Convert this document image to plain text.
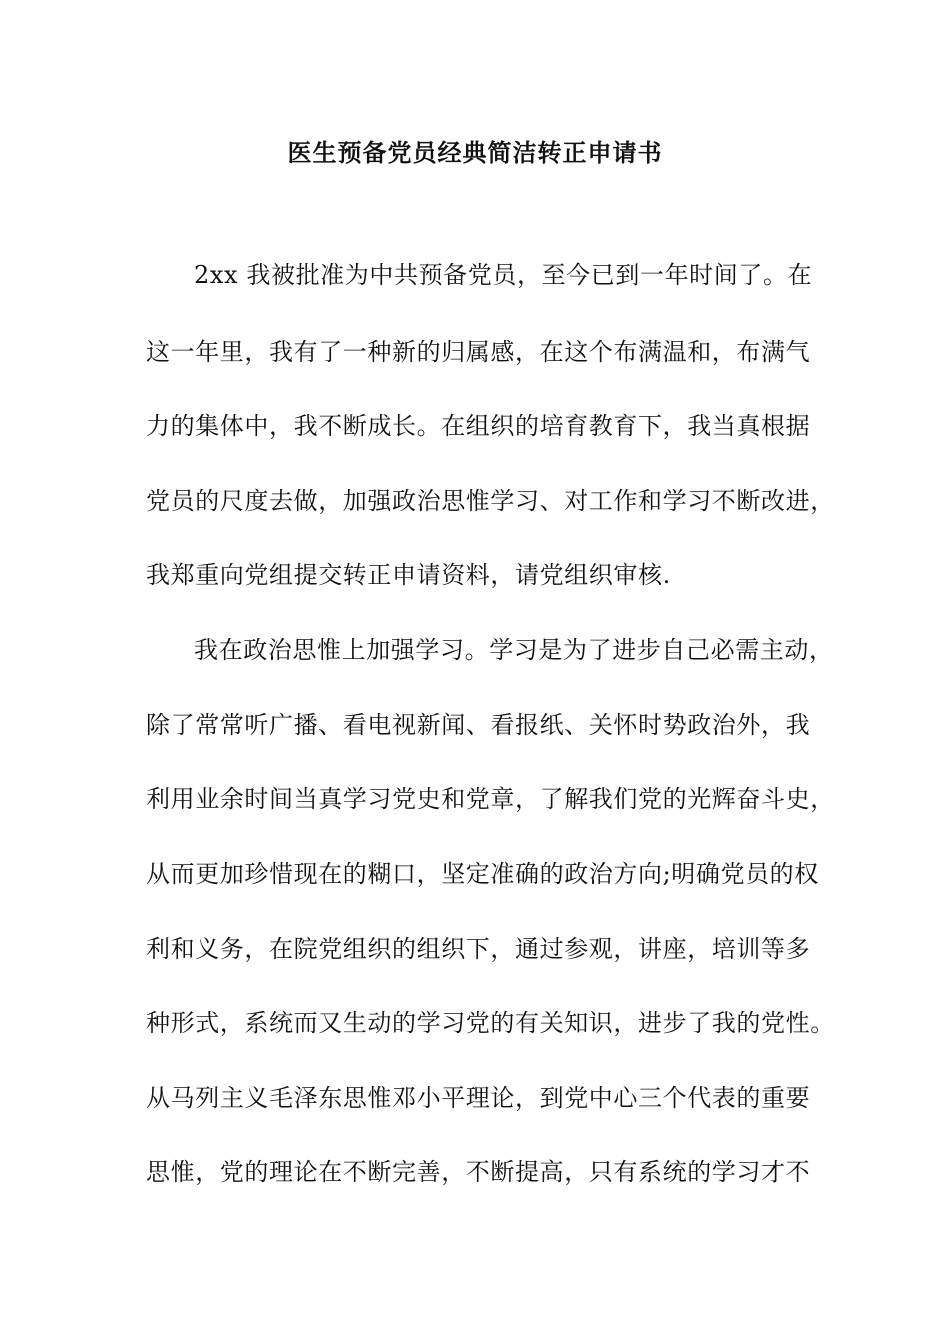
医生预备党员经典简洁转正申请书
2xx 我被批准为中共预备党员，至今已到一年时间了。在
这一年里，我有了一种新的归属感，在这个布满温和，布满气
力的集体中，我不断成长。在组织的培育教育下，我当真根据
党员的尺度去做，加强政治思惟学习、对工作和学习不断改进，
我郑重向党组提交转正申请资料，请党组织审核.
我在政治思惟上加强学习。学习是为了进步自己必需主动，
除了常常听广播、看电视新闻、看报纸、关怀时势政治外，我
利用业余时间当真学习党史和党章，了解我们党的光辉奋斗史，
从而更加珍惜现在的糊口，坚定准确的政治方向;明确党员的权
利和义务，在院党组织的组织下，通过参观，讲座，培训等多
种形式，系统而又生动的学习党的有关知识，进步了我的党性。
从马列主义毛泽东思惟邓小平理论，到党中心三个代表的重要
思惟，党的理论在不断完善，不断提高，只有系统的学习才不
